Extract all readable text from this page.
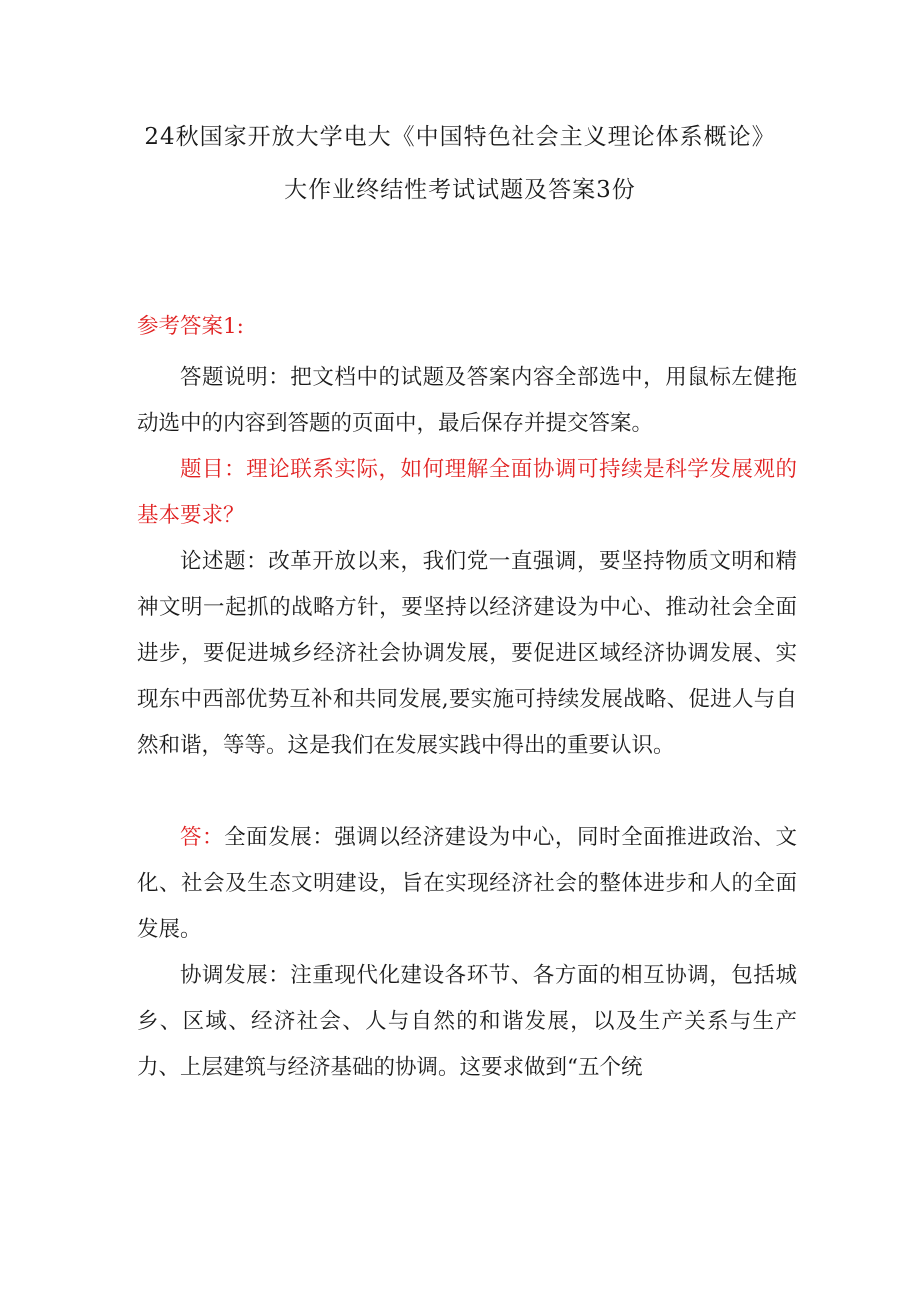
24秋国家开放大学电大《中国特色社会主义理论体系概论》
大作业终结性考试试题及答案3份
参考答案1:

答题说明：把文档中的试题及答案内容全部选中，用鼠标左健拖动选中的内容到答题的页面中，最后保存并提交答案。

题目：理论联系实际，如何理解全面协调可持续是科学发展观的基本要求？

论述题：改革开放以来，我们党一直强调，要坚持物质文明和精神文明一起抓的战略方针，要坚持以经济建设为中心、推动社会全面进步，要促进城乡经济社会协调发展，要促进区域经济协调发展、实现东中西部优势互补和共同发展,要实施可持续发展战略、促进人与自然和谐，等等。这是我们在发展实践中得出的重要认识。

答：全面发展：强调以经济建设为中心，同时全面推进政治、文化、社会及生态文明建设，旨在实现经济社会的整体进步和人的全面发展。

协调发展：注重现代化建设各环节、各方面的相互协调，包括城乡、区域、经济社会、人与自然的和谐发展，以及生产关系与生产力、上层建筑与经济基础的协调。这要求做到“五个统
